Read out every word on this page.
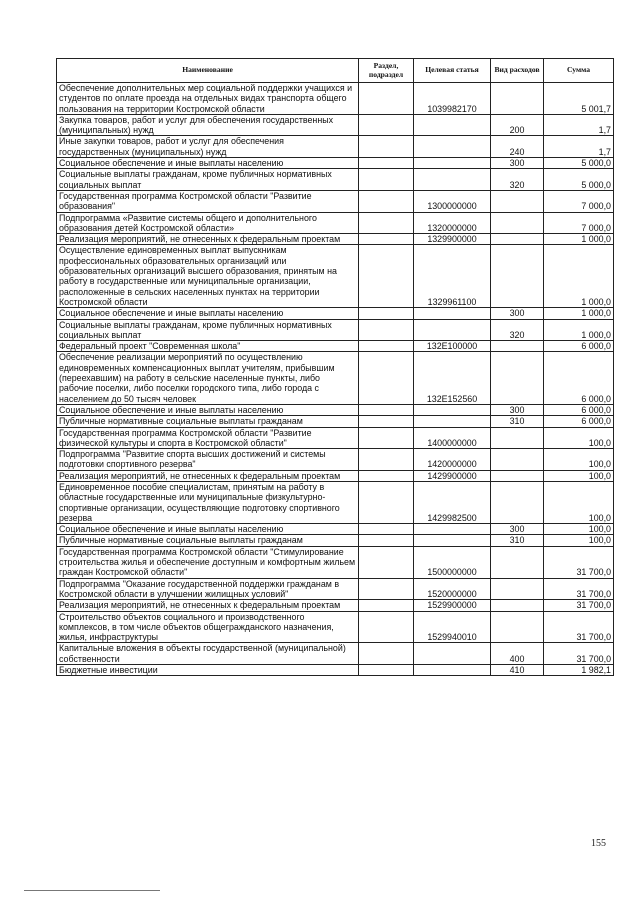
Наименование	Раздел, подраздел	Целевая статья	Вид расходов	Сумма
Обеспечение дополнительных мер социальной поддержки учащихся и студентов по оплате проезда на отдельных видах транспорта общего пользования на территории Костромской области		1039982170		5 001,7
Закупка товаров, работ и услуг для обеспечения государственных (муниципальных) нужд			200	1,7
Иные закупки товаров, работ и услуг для обеспечения государственных (муниципальных) нужд			240	1,7
Социальное обеспечение и иные выплаты населению			300	5 000,0
Социальные выплаты гражданам, кроме публичных нормативных социальных выплат			320	5 000,0
Государственная программа Костромской области "Развитие образования"		1300000000		7 000,0
Подпрограмма «Развитие системы общего и дополнительного образования детей Костромской области»		1320000000		7 000,0
Реализация мероприятий, не отнесенных к федеральным проектам		1329900000		1 000,0
Осуществление единовременных выплат выпускникам профессиональных образовательных организаций или образовательных организаций высшего образования, принятым на работу в государственные или муниципальные организации, расположенные в сельских населенных пунктах на территории Костромской области		1329961100		1 000,0
Социальное обеспечение и иные выплаты населению			300	1 000,0
Социальные выплаты гражданам, кроме публичных нормативных социальных выплат			320	1 000,0
Федеральный проект "Современная школа"		132Е100000		6 000,0
Обеспечение реализации мероприятий по осуществлению единовременных компенсационных выплат учителям, прибывшим (переехавшим) на работу в сельские населенные пункты, либо рабочие поселки, либо поселки городского типа, либо города с населением до 50 тысяч человек		132Е152560		6 000,0
Социальное обеспечение и иные выплаты населению			300	6 000,0
Публичные нормативные социальные выплаты гражданам			310	6 000,0
Государственная программа Костромской области "Развитие физической культуры и спорта в Костромской области"		1400000000		100,0
Подпрограмма "Развитие спорта высших достижений и системы подготовки спортивного резерва"		1420000000		100,0
Реализация мероприятий, не отнесенных к федеральным проектам		1429900000		100,0
Единовременное пособие специалистам, принятым на работу в областные государственные или муниципальные физкультурно-спортивные организации, осуществляющие подготовку спортивного резерва		1429982500		100,0
Социальное обеспечение и иные выплаты населению			300	100,0
Публичные нормативные социальные выплаты гражданам			310	100,0
Государственная программа Костромской области "Стимулирование строительства жилья и обеспечение доступным и комфортным жильем граждан Костромской области"		1500000000		31 700,0
Подпрограмма "Оказание государственной поддержки гражданам в Костромской области в улучшении жилищных условий"		1520000000		31 700,0
Реализация мероприятий, не отнесенных к федеральным проектам		1529900000		31 700,0
Строительство объектов социального и производственного комплексов, в том числе объектов общегражданского назначения, жилья, инфраструктуры		1529940010		31 700,0
Капитальные вложения в объекты государственной (муниципальной) собственности			400	31 700,0
Бюджетные инвестиции			410	1 982,1
155
